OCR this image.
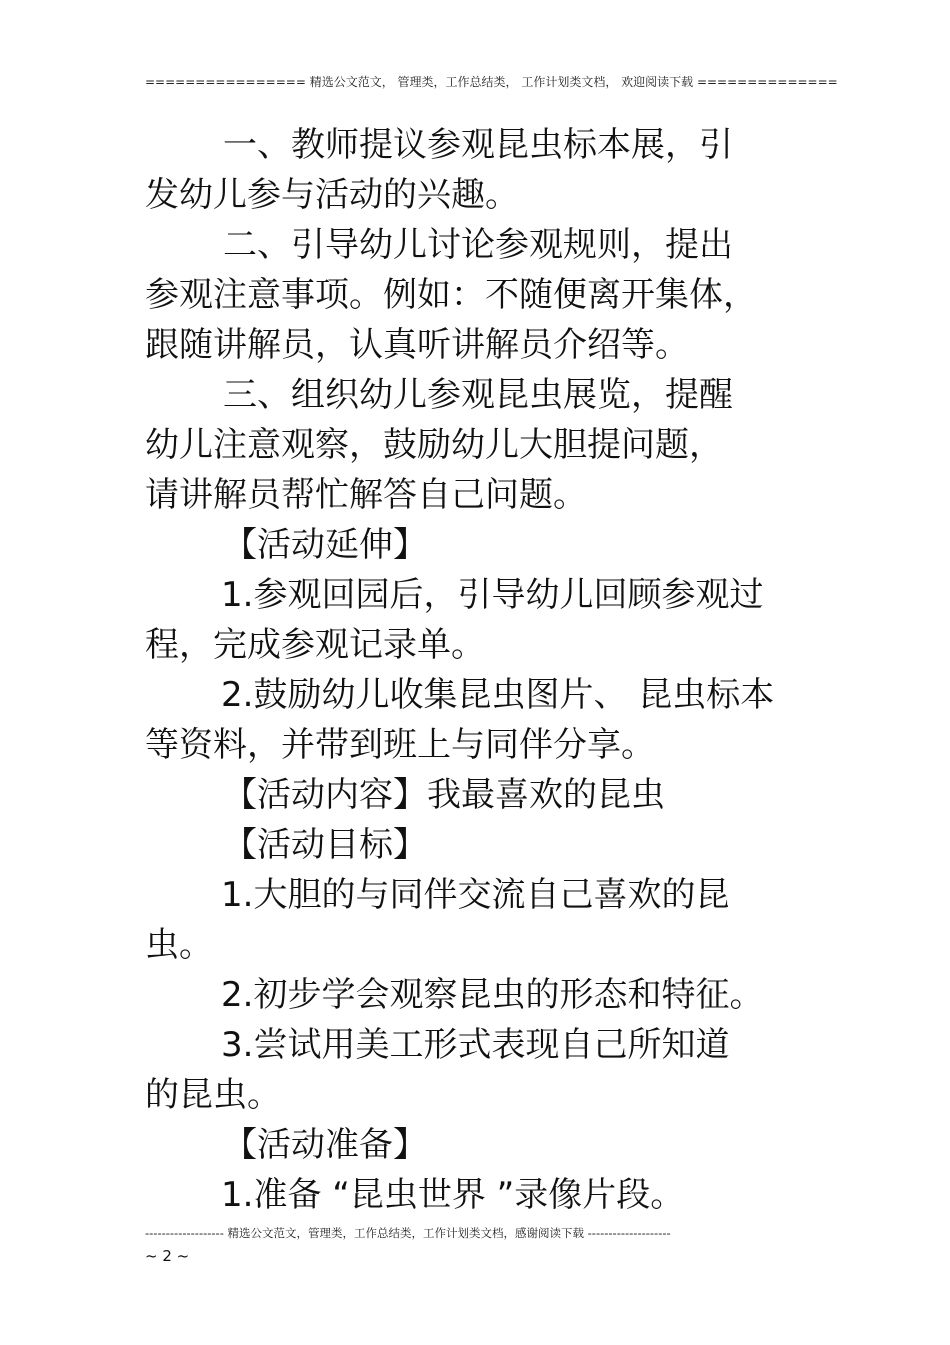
================ 精选公文范文， 管理类，工作总结类， 工作计划类文档， 欢迎阅读下载 ==============
一、教师提议参观昆虫标本展，引
发幼儿参与活动的兴趣。
二、引导幼儿讨论参观规则，提出
参观注意事项。例如：不随便离开集体，
跟随讲解员，认真听讲解员介绍等。
三、组织幼儿参观昆虫展览，提醒
幼儿注意观察，鼓励幼儿大胆提问题，
请讲解员帮忙解答自己问题。
【活动延伸】
1.参观回园后，引导幼儿回顾参观过
程，完成参观记录单。
2.鼓励幼儿收集昆虫图片、 昆虫标本
等资料，并带到班上与同伴分享。
【活动内容】我最喜欢的昆虫
【活动目标】
1.大胆的与同伴交流自己喜欢的昆
虫。
2.初步学会观察昆虫的形态和特征。
3.尝试用美工形式表现自己所知道
的昆虫。
【活动准备】
1.准备 “昆虫世界 ”录像片段。
------------------- 精选公文范文，管理类，工作总结类，工作计划类文档，感谢阅读下载 --------------------
~ 2 ~
